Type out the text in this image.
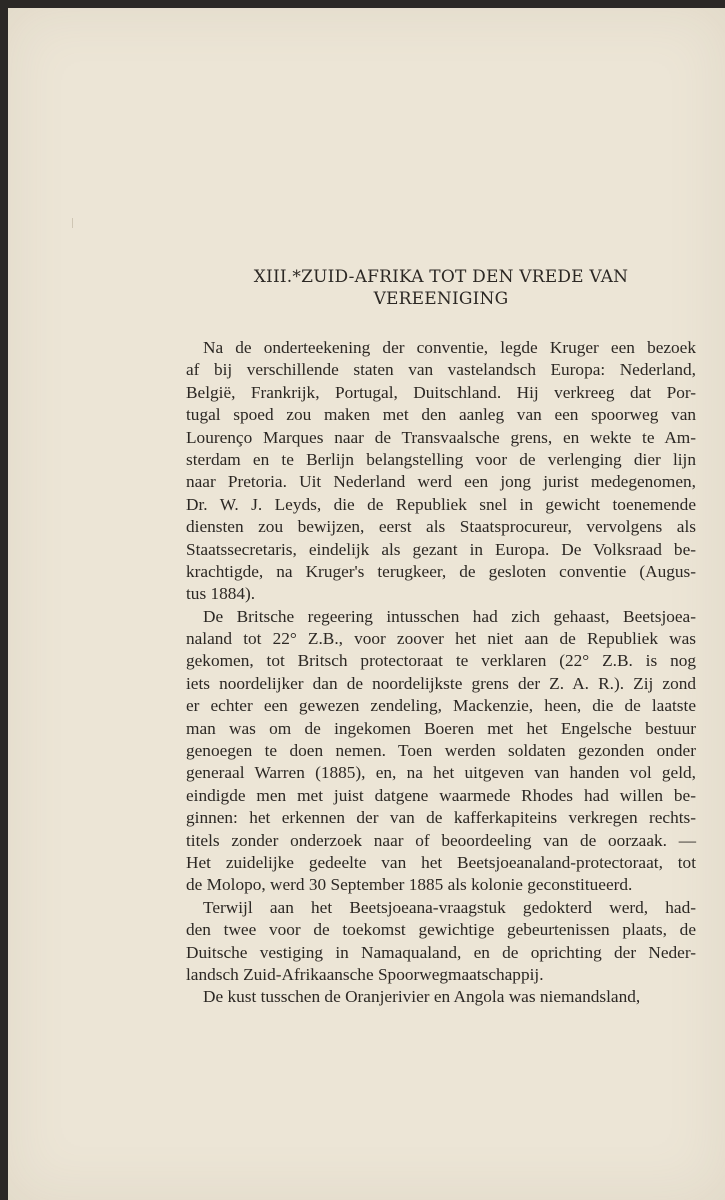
XIII.*ZUID-AFRIKA TOT DEN VREDE VAN
VEREENIGING
Na de onderteekening der conventie, legde Kruger een bezoek
af bij verschillende staten van vastelandsch Europa: Nederland,
België, Frankrijk, Portugal, Duitschland. Hij verkreeg dat Por-
tugal spoed zou maken met den aanleg van een spoorweg van
Lourenço Marques naar de Transvaalsche grens, en wekte te Am-
sterdam en te Berlijn belangstelling voor de verlenging dier lijn
naar Pretoria. Uit Nederland werd een jong jurist medegenomen,
Dr. W. J. Leyds, die de Republiek snel in gewicht toenemende
diensten zou bewijzen, eerst als Staatsprocureur, vervolgens als
Staatssecretaris, eindelijk als gezant in Europa. De Volksraad be-
krachtigde, na Kruger's terugkeer, de gesloten conventie (Augus-
tus 1884).
De Britsche regeering intusschen had zich gehaast, Beetsjoea-
naland tot 22° Z.B., voor zoover het niet aan de Republiek was
gekomen, tot Britsch protectoraat te verklaren (22° Z.B. is nog
iets noordelijker dan de noordelijkste grens der Z. A. R.). Zij zond
er echter een gewezen zendeling, Mackenzie, heen, die de laatste
man was om de ingekomen Boeren met het Engelsche bestuur
genoegen te doen nemen. Toen werden soldaten gezonden onder
generaal Warren (1885), en, na het uitgeven van handen vol geld,
eindigde men met juist datgene waarmede Rhodes had willen be-
ginnen: het erkennen der van de kafferkapiteins verkregen rechts-
titels zonder onderzoek naar of beoordeeling van de oorzaak. —
Het zuidelijke gedeelte van het Beetsjoeanaland-protectoraat, tot
de Molopo, werd 30 September 1885 als kolonie geconstitueerd.
Terwijl aan het Beetsjoeana-vraagstuk gedokterd werd, had-
den twee voor de toekomst gewichtige gebeurtenissen plaats, de
Duitsche vestiging in Namaqualand, en de oprichting der Neder-
landsch Zuid-Afrikaansche Spoorwegmaatschappij.
De kust tusschen de Oranjerivier en Angola was niemandsland,
